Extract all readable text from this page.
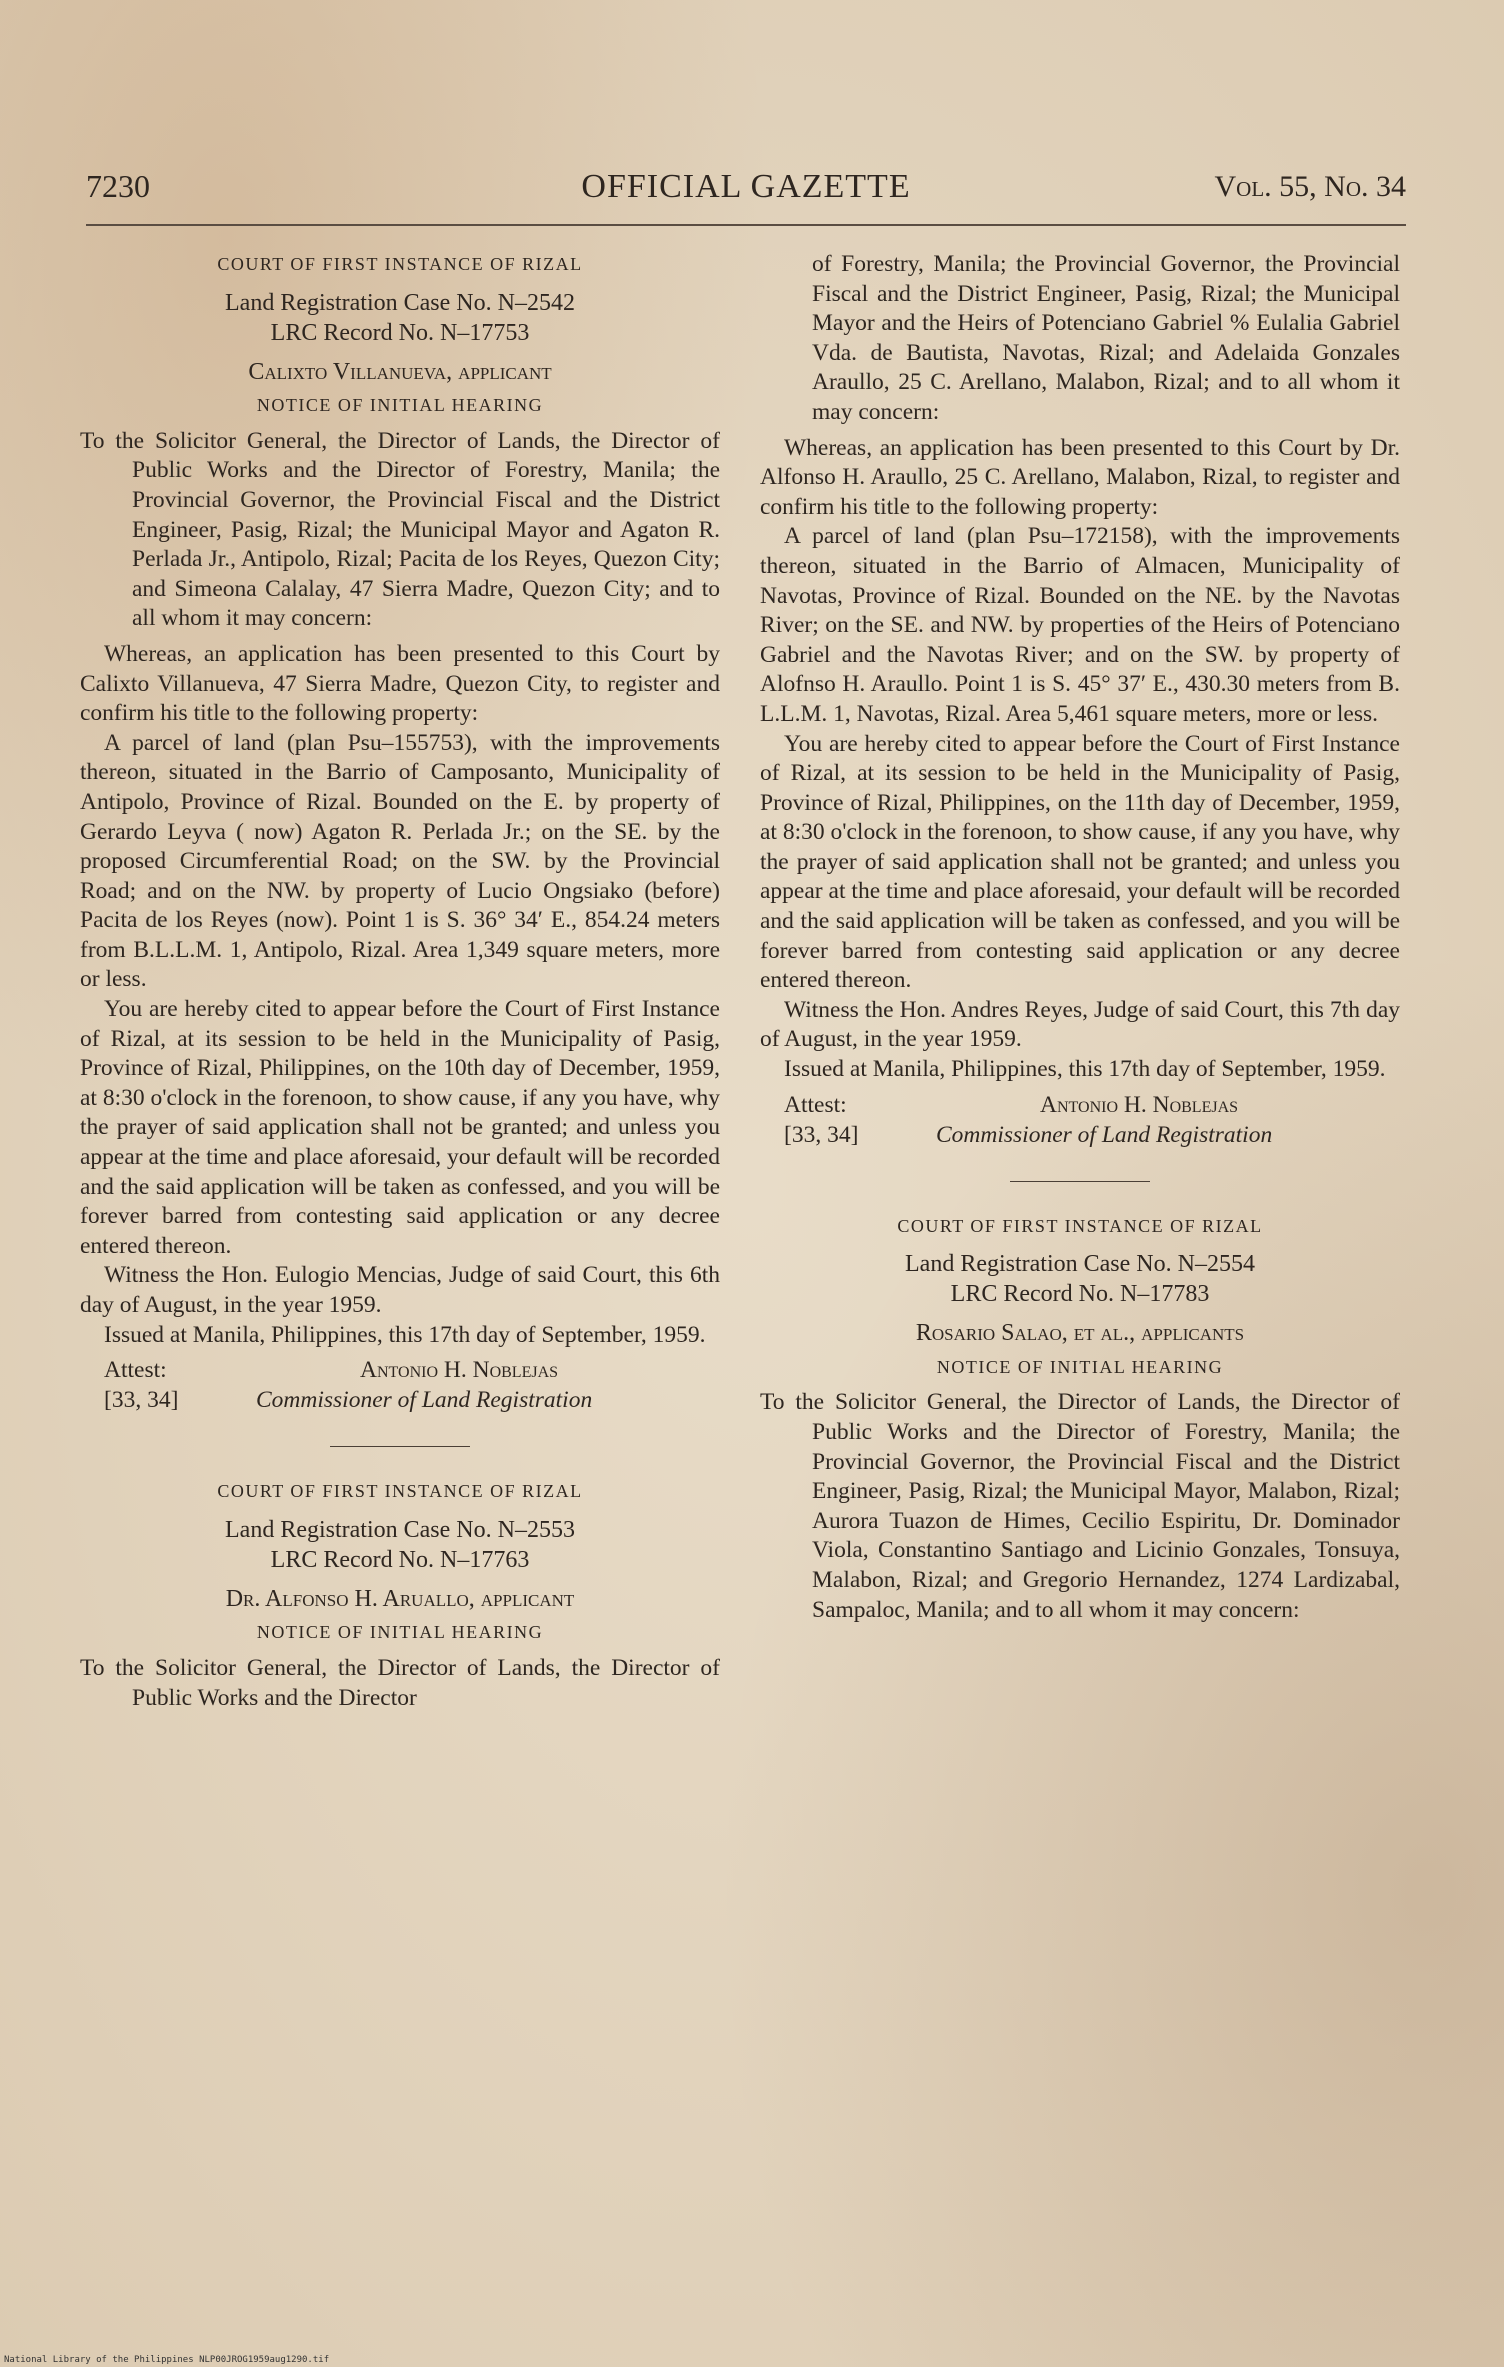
7230	OFFICIAL GAZETTE	Vol. 55, No. 34

COURT OF FIRST INSTANCE OF RIZAL

Land Registration Case No. N–2542

LRC Record No. N–17753

Calixto Villanueva, applicant

NOTICE OF INITIAL HEARING

To the Solicitor General, the Director of Lands, the Director of Public Works and the Director of Forestry, Manila; the Provincial Governor, the Provincial Fiscal and the District Engineer, Pasig, Rizal; the Municipal Mayor and Agaton R. Perlada Jr., Antipolo, Rizal; Pacita de los Reyes, Quezon City; and Simeona Calalay, 47 Sierra Madre, Quezon City; and to all whom it may concern:

Whereas, an application has been presented to this Court by Calixto Villanueva, 47 Sierra Madre, Quezon City, to register and confirm his title to the following property:

A parcel of land (plan Psu–155753), with the improvements thereon, situated in the Barrio of Camposanto, Municipality of Antipolo, Province of Rizal. Bounded on the E. by property of Gerardo Leyva ( now) Agaton R. Perlada Jr.; on the SE. by the proposed Circumferential Road; on the SW. by the Provincial Road; and on the NW. by property of Lucio Ongsiako (before) Pacita de los Reyes (now). Point 1 is S. 36° 34′ E., 854.24 meters from B.L.L.M. 1, Antipolo, Rizal. Area 1,349 square meters, more or less.

You are hereby cited to appear before the Court of First Instance of Rizal, at its session to be held in the Municipality of Pasig, Province of Rizal, Philippines, on the 10th day of December, 1959, at 8:30 o'clock in the forenoon, to show cause, if any you have, why the prayer of said application shall not be granted; and unless you appear at the time and place aforesaid, your default will be recorded and the said application will be taken as confessed, and you will be forever barred from contesting said application or any decree entered thereon.

Witness the Hon. Eulogio Mencias, Judge of said Court, this 6th day of August, in the year 1959.

Issued at Manila, Philippines, this 17th day of September, 1959.

Attest:
[33, 34]
Antonio H. Noblejas
Commissioner of Land Registration

COURT OF FIRST INSTANCE OF RIZAL

Land Registration Case No. N–2553

LRC Record No. N–17763

Dr. Alfonso H. Aruallo, applicant

NOTICE OF INITIAL HEARING

To the Solicitor General, the Director of Lands, the Director of Public Works and the Director

of Forestry, Manila; the Provincial Governor, the Provincial Fiscal and the District Engineer, Pasig, Rizal; the Municipal Mayor and the Heirs of Potenciano Gabriel % Eulalia Gabriel Vda. de Bautista, Navotas, Rizal; and Adelaida Gonzales Araullo, 25 C. Arellano, Malabon, Rizal; and to all whom it may concern:

Whereas, an application has been presented to this Court by Dr. Alfonso H. Araullo, 25 C. Arellano, Malabon, Rizal, to register and confirm his title to the following property:

A parcel of land (plan Psu–172158), with the improvements thereon, situated in the Barrio of Almacen, Municipality of Navotas, Province of Rizal. Bounded on the NE. by the Navotas River; on the SE. and NW. by properties of the Heirs of Potenciano Gabriel and the Navotas River; and on the SW. by property of Alofnso H. Araullo. Point 1 is S. 45° 37′ E., 430.30 meters from B. L.L.M. 1, Navotas, Rizal. Area 5,461 square meters, more or less.

You are hereby cited to appear before the Court of First Instance of Rizal, at its session to be held in the Municipality of Pasig, Province of Rizal, Philippines, on the 11th day of December, 1959, at 8:30 o'clock in the forenoon, to show cause, if any you have, why the prayer of said application shall not be granted; and unless you appear at the time and place aforesaid, your default will be recorded and the said application will be taken as confessed, and you will be forever barred from contesting said application or any decree entered thereon.

Witness the Hon. Andres Reyes, Judge of said Court, this 7th day of August, in the year 1959.

Issued at Manila, Philippines, this 17th day of September, 1959.

Attest:
[33, 34]
Antonio H. Noblejas
Commissioner of Land Registration

COURT OF FIRST INSTANCE OF RIZAL

Land Registration Case No. N–2554

LRC Record No. N–17783

Rosario Salao, et al., applicants

NOTICE OF INITIAL HEARING

To the Solicitor General, the Director of Lands, the Director of Public Works and the Director of Forestry, Manila; the Provincial Governor, the Provincial Fiscal and the District Engineer, Pasig, Rizal; the Municipal Mayor, Malabon, Rizal; Aurora Tuazon de Himes, Cecilio Espiritu, Dr. Dominador Viola, Constantino Santiago and Licinio Gonzales, Tonsuya, Malabon, Rizal; and Gregorio Hernandez, 1274 Lardizabal, Sampaloc, Manila; and to all whom it may concern:

National Library of the Philippines NLP00JROG1959aug1290.tif
